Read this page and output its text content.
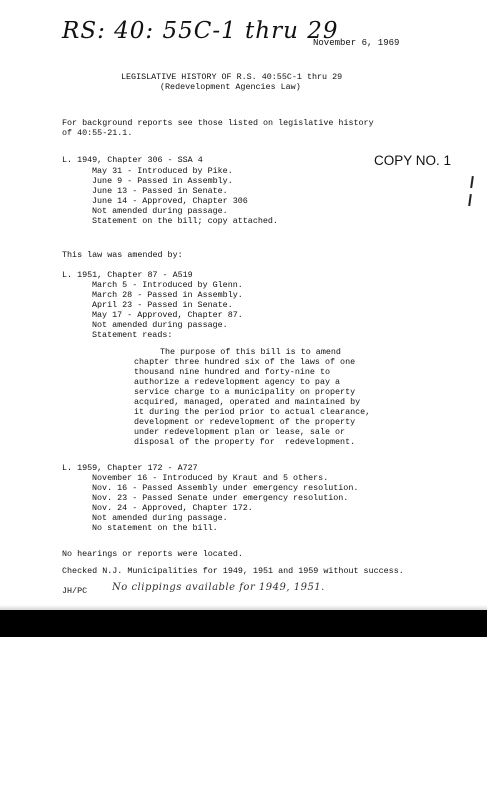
RS: 40: 55C-1 thru 29
November 6, 1969
LEGISLATIVE HISTORY OF R.S. 40:55C-1 thru 29
(Redevelopment Agencies Law)
For background reports see those listed on legislative history
of 40:55-21.1.
COPY NO. 1
L. 1949, Chapter 306 - SSA 4
May 31 - Introduced by Pike.
June 9 - Passed in Assembly.
June 13 - Passed in Senate.
June 14 - Approved, Chapter 306
Not amended during passage.
Statement on the bill; copy attached.
This law was amended by:
L. 1951, Chapter 87 - A519
March 5 - Introduced by Glenn.
March 28 - Passed in Assembly.
April 23 - Passed in Senate.
May 17 - Approved, Chapter 87.
Not amended during passage.
Statement reads:
The purpose of this bill is to amend
chapter three hundred six of the laws of one
thousand nine hundred and forty-nine to
authorize a redevelopment agency to pay a
service charge to a municipality on property
acquired, managed, operated and maintained by
it during the period prior to actual clearance,
development or redevelopment of the property
under redevelopment plan or lease, sale or
disposal of the property for  redevelopment.
L. 1959, Chapter 172 - A727
November 16 - Introduced by Kraut and 5 others.
Nov. 16 - Passed Assembly under emergency resolution.
Nov. 23 - Passed Senate under emergency resolution.
Nov. 24 - Approved, Chapter 172.
Not amended during passage.
No statement on the bill.
No hearings or reports were located.
Checked N.J. Municipalities for 1949, 1951 and 1959 without success.
JH/PC No clippings available for 1949, 1951.
